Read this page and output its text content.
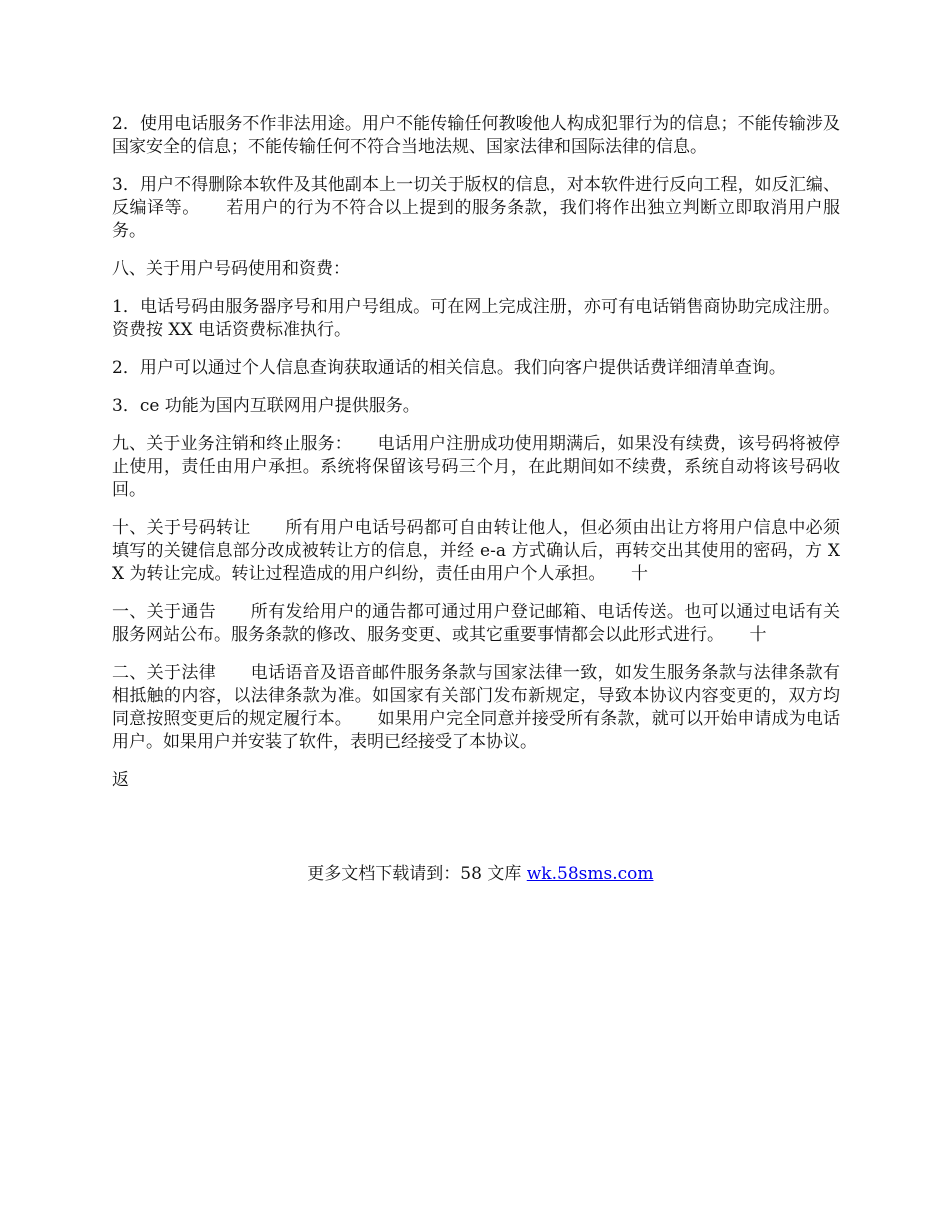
2．使用电话服务不作非法用途。用户不能传输任何教唆他人构成犯罪行为的信息；不能传输涉及国家安全的信息；不能传输任何不符合当地法规、国家法律和国际法律的信息。

3．用户不得删除本软件及其他副本上一切关于版权的信息，对本软件进行反向工程，如反汇编、反编译等。　　若用户的行为不符合以上提到的服务条款，我们将作出独立判断立即取消用户服务。

八、关于用户号码使用和资费：

1．电话号码由服务器序号和用户号组成。可在网上完成注册，亦可有电话销售商协助完成注册。资费按 XX 电话资费标准执行。

2．用户可以通过个人信息查询获取通话的相关信息。我们向客户提供话费详细清单查询。

3．ce 功能为国内互联网用户提供服务。

九、关于业务注销和终止服务：　　电话用户注册成功使用期满后，如果没有续费，该号码将被停止使用，责任由用户承担。系统将保留该号码三个月，在此期间如不续费，系统自动将该号码收回。

十、关于号码转让　　所有用户电话号码都可自由转让他人，但必须由出让方将用户信息中必须填写的关键信息部分改成被转让方的信息，并经 e-a 方式确认后，再转交出其使用的密码，方 XX 为转让完成。转让过程造成的用户纠纷，责任由用户个人承担。　　十

一、关于通告　　所有发给用户的通告都可通过用户登记邮箱、电话传送。也可以通过电话有关服务网站公布。服务条款的修改、服务变更、或其它重要事情都会以此形式进行。　　十

二、关于法律　　电话语音及语音邮件服务条款与国家法律一致，如发生服务条款与法律条款有相抵触的内容，以法律条款为准。如国家有关部门发布新规定，导致本协议内容变更的，双方均同意按照变更后的规定履行本。　　如果用户完全同意并接受所有条款，就可以开始申请成为电话用户。如果用户并安装了软件，表明已经接受了本协议。

返

更多文档下载请到：58 文库 wk.58sms.com
